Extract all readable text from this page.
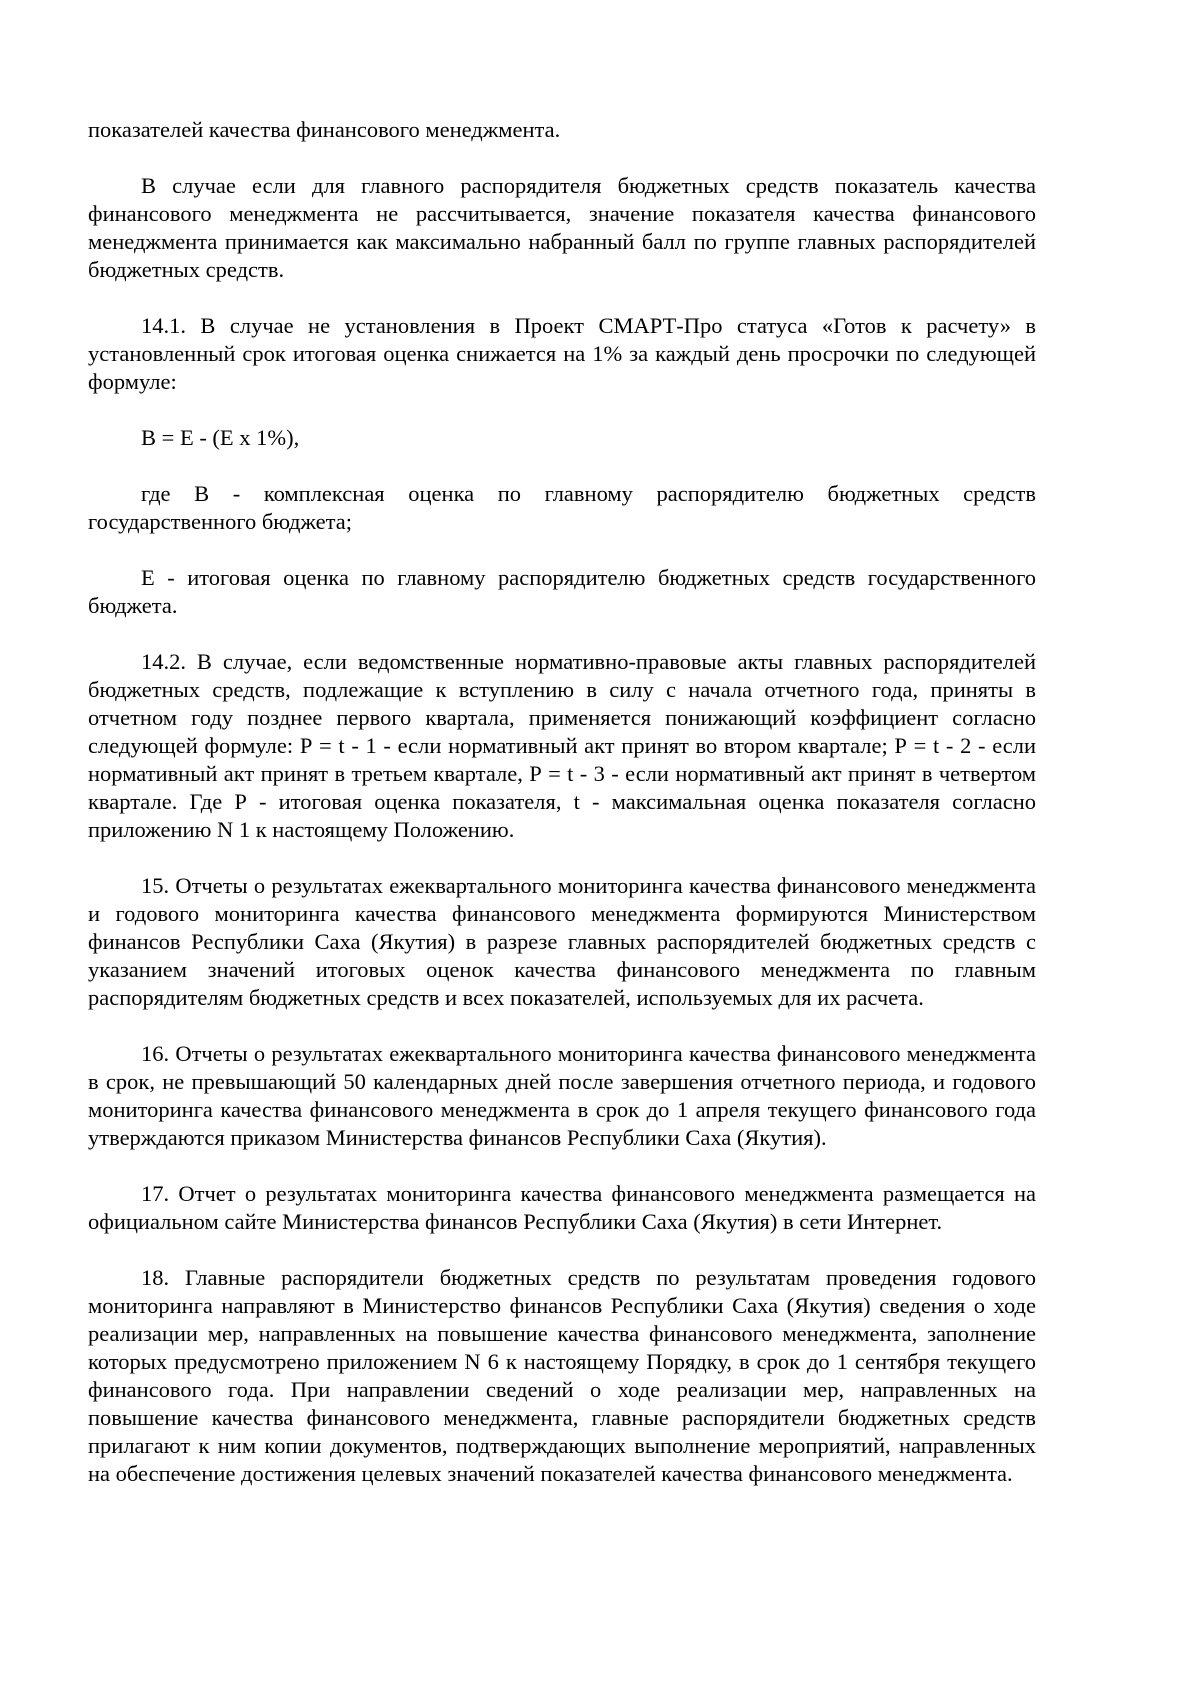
показателей качества финансового менеджмента.

В случае если для главного распорядителя бюджетных средств показатель качества финансового менеджмента не рассчитывается, значение показателя качества финансового менеджмента принимается как максимально набранный балл по группе главных распорядителей бюджетных средств.

14.1. В случае не установления в Проект СМАРТ-Про статуса «Готов к расчету» в установленный срок итоговая оценка снижается на 1% за каждый день просрочки по следующей формуле:

В = Е - (Е х 1%),

где В - комплексная оценка по главному распорядителю бюджетных средств государственного бюджета;

Е - итоговая оценка по главному распорядителю бюджетных средств государственного бюджета.

14.2. В случае, если ведомственные нормативно-правовые акты главных распорядителей бюджетных средств, подлежащие к вступлению в силу с начала отчетного года, приняты в отчетном году позднее первого квартала, применяется понижающий коэффициент согласно следующей формуле: Р = t - 1 - если нормативный акт принят во втором квартале; Р = t - 2 - если нормативный акт принят в третьем квартале, Р = t - 3 - если нормативный акт принят в четвертом квартале. Где Р - итоговая оценка показателя, t - максимальная оценка показателя согласно приложению N 1 к настоящему Положению.

15. Отчеты о результатах ежеквартального мониторинга качества финансового менеджмента и годового мониторинга качества финансового менеджмента формируются Министерством финансов Республики Саха (Якутия) в разрезе главных распорядителей бюджетных средств с указанием значений итоговых оценок качества финансового менеджмента по главным распорядителям бюджетных средств и всех показателей, используемых для их расчета.

16. Отчеты о результатах ежеквартального мониторинга качества финансового менеджмента в срок, не превышающий 50 календарных дней после завершения отчетного периода, и годового мониторинга качества финансового менеджмента в срок до 1 апреля текущего финансового года утверждаются приказом Министерства финансов Республики Саха (Якутия).

17. Отчет о результатах мониторинга качества финансового менеджмента размещается на официальном сайте Министерства финансов Республики Саха (Якутия) в сети Интернет.

18. Главные распорядители бюджетных средств по результатам проведения годового мониторинга направляют в Министерство финансов Республики Саха (Якутия) сведения о ходе реализации мер, направленных на повышение качества финансового менеджмента, заполнение которых предусмотрено приложением N 6 к настоящему Порядку, в срок до 1 сентября текущего финансового года. При направлении сведений о ходе реализации мер, направленных на повышение качества финансового менеджмента, главные распорядители бюджетных средств прилагают к ним копии документов, подтверждающих выполнение мероприятий, направленных на обеспечение достижения целевых значений показателей качества финансового менеджмента.
